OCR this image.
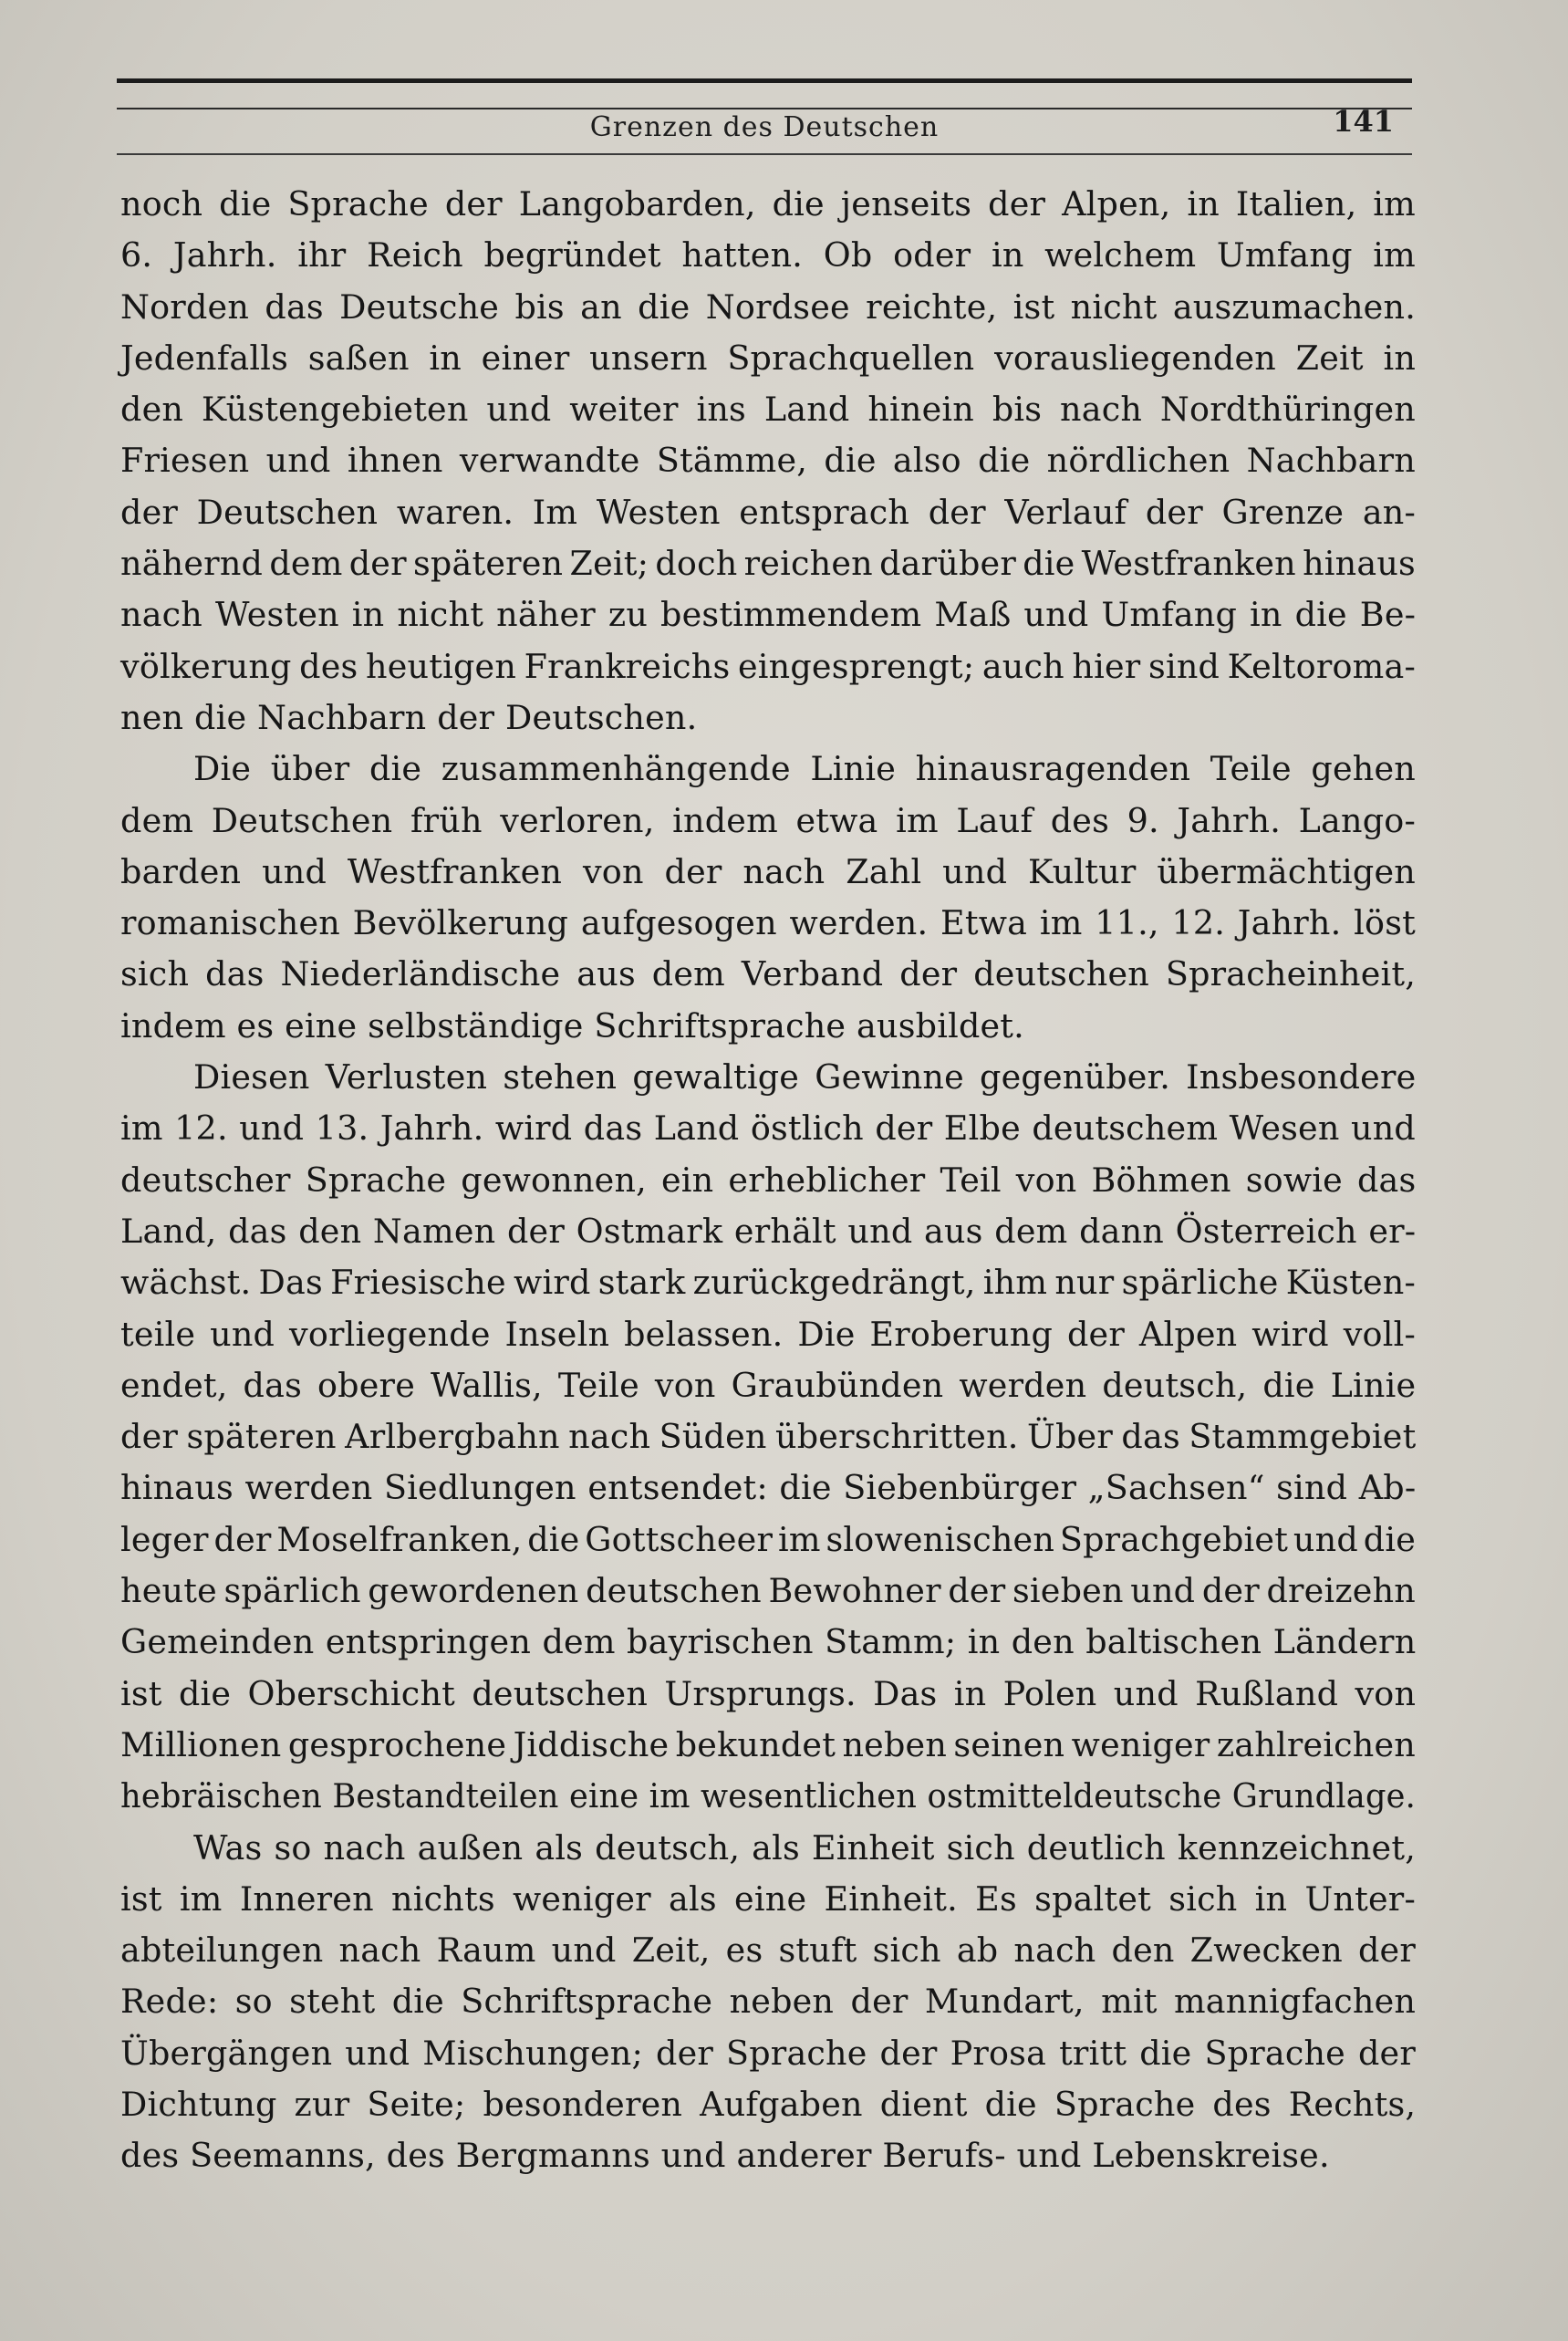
Grenzen des Deutschen	141
noch die Sprache der Langobarden, die jenseits der Alpen, in Italien, im
6. Jahrh. ihr Reich begründet hatten. Ob oder in welchem Umfang im
Norden das Deutsche bis an die Nordsee reichte, ist nicht auszumachen.
Jedenfalls saßen in einer unsern Sprachquellen vorausliegenden Zeit in
den Küstengebieten und weiter ins Land hinein bis nach Nordthüringen
Friesen und ihnen verwandte Stämme, die also die nördlichen Nachbarn
der Deutschen waren. Im Westen entsprach der Verlauf der Grenze an-
nähernd dem der späteren Zeit; doch reichen darüber die Westfranken hinaus
nach Westen in nicht näher zu bestimmendem Maß und Umfang in die Be-
völkerung des heutigen Frankreichs eingesprengt; auch hier sind Keltoroma-
nen die Nachbarn der Deutschen.
Die über die zusammenhängende Linie hinausragenden Teile gehen
dem Deutschen früh verloren, indem etwa im Lauf des 9. Jahrh. Lango-
barden und Westfranken von der nach Zahl und Kultur übermächtigen
romanischen Bevölkerung aufgesogen werden. Etwa im 11., 12. Jahrh. löst
sich das Niederländische aus dem Verband der deutschen Spracheinheit,
indem es eine selbständige Schriftsprache ausbildet.
Diesen Verlusten stehen gewaltige Gewinne gegenüber. Insbesondere
im 12. und 13. Jahrh. wird das Land östlich der Elbe deutschem Wesen und
deutscher Sprache gewonnen, ein erheblicher Teil von Böhmen sowie das
Land, das den Namen der Ostmark erhält und aus dem dann Österreich er-
wächst. Das Friesische wird stark zurückgedrängt, ihm nur spärliche Küsten-
teile und vorliegende Inseln belassen. Die Eroberung der Alpen wird voll-
endet, das obere Wallis, Teile von Graubünden werden deutsch, die Linie
der späteren Arlbergbahn nach Süden überschritten. Über das Stammgebiet
hinaus werden Siedlungen entsendet: die Siebenbürger „Sachsen“ sind Ab-
leger der Moselfranken, die Gottscheer im slowenischen Sprachgebiet und die
heute spärlich gewordenen deutschen Bewohner der sieben und der dreizehn
Gemeinden entspringen dem bayrischen Stamm; in den baltischen Ländern
ist die Oberschicht deutschen Ursprungs. Das in Polen und Rußland von
Millionen gesprochene Jiddische bekundet neben seinen weniger zahlreichen
hebräischen Bestandteilen eine im wesentlichen ostmitteldeutsche Grundlage.
Was so nach außen als deutsch, als Einheit sich deutlich kennzeichnet,
ist im Inneren nichts weniger als eine Einheit. Es spaltet sich in Unter-
abteilungen nach Raum und Zeit, es stuft sich ab nach den Zwecken der
Rede: so steht die Schriftsprache neben der Mundart, mit mannigfachen
Übergängen und Mischungen; der Sprache der Prosa tritt die Sprache der
Dichtung zur Seite; besonderen Aufgaben dient die Sprache des Rechts,
des Seemanns, des Bergmanns und anderer Berufs- und Lebenskreise.
